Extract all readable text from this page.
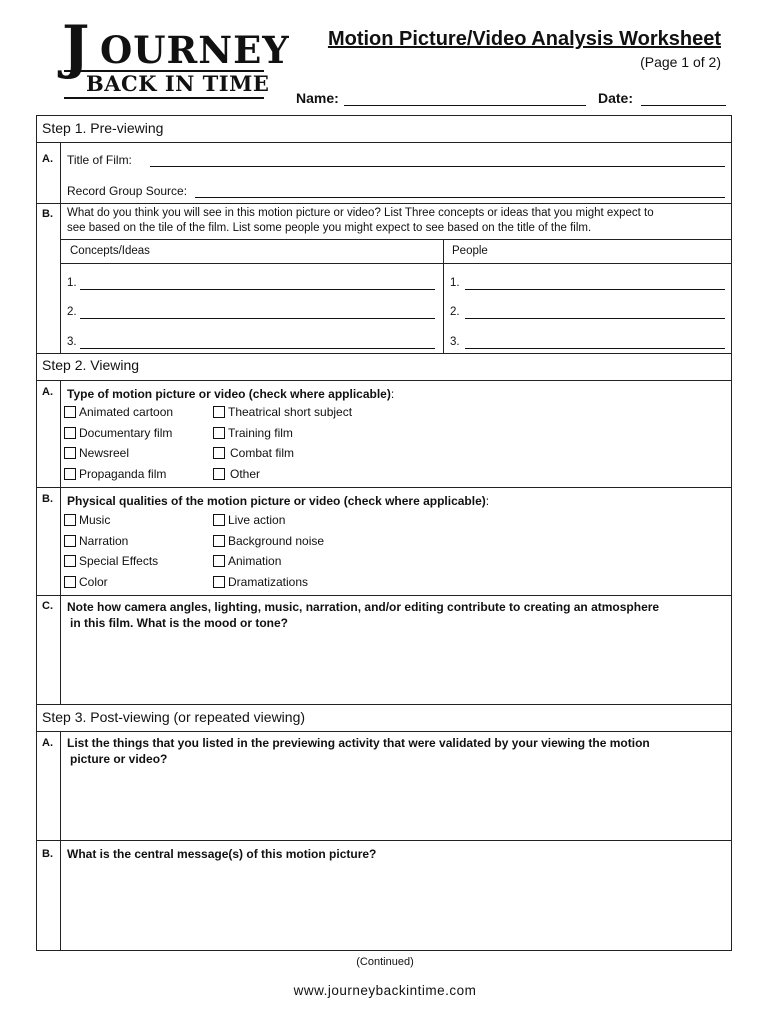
J OURNEY
BACK IN TIME
Motion Picture/Video Analysis Worksheet
(Page 1 of 2)
Name:	Date:
Step 1. Pre-viewing
A. Title of Film:
Record Group Source:
B. What do you think you will see in this motion picture or video? List Three concepts or ideas that you might expect to
see based on the tile of the film. List some people you might expect to see based on the title of the film.
Concepts/Ideas	People
1.
2.
3.
1.
2.
3.
Step 2. Viewing
A. Type of motion picture or video (check where applicable):
Animated cartoon
Documentary film
Newsreel
Propaganda film
Theatrical short subject
Training film
Combat film
Other
B. Physical qualities of the motion picture or video (check where applicable):
Music
Narration
Special Effects
Color
Live action
Background noise
Animation
Dramatizations
C. Note how camera angles, lighting, music, narration, and/or editing contribute to creating an atmosphere
in this film. What is the mood or tone?
Step 3. Post-viewing (or repeated viewing)
A. List the things that you listed in the previewing activity that were validated by your viewing the motion
picture or video?
B. What is the central message(s) of this motion picture?
(Continued)
www.journeybackintime.com
